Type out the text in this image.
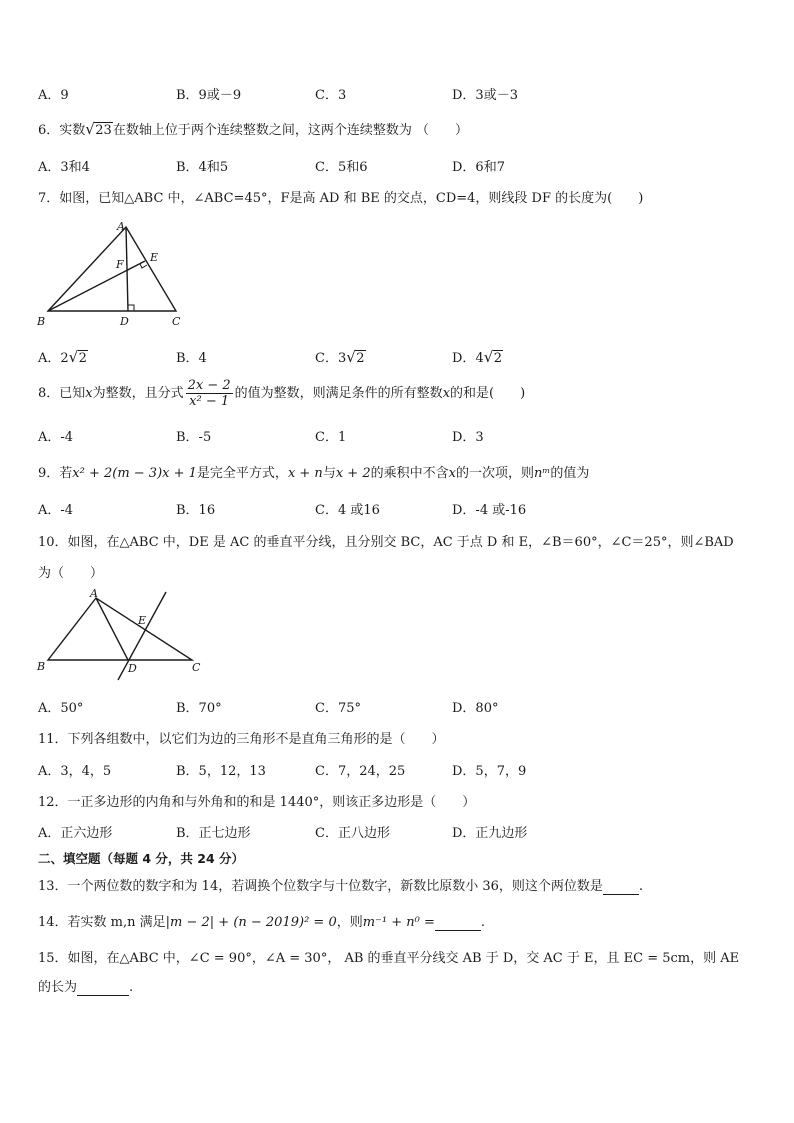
A．9	B．9或－9	C．3	D．3或－3
6．实数 √ 23在数轴上位于两个连续整数之间，这两个连续整数为 （　　）
A．3和4	B．4和5	C．5和6	D．6和7
7．如图，已知△ABC 中，∠ABC=45°，F是高 AD 和 BE 的交点，CD=4，则线段 DF 的长度为(　　)
A
F
E
B	D	C
A．2 √ 2	B．4	C．3 √ 2	D．4 √ 2
8．已知x为整数，且分式 $\frac{2x - 2}{\text{x² − 1}}$ 的值为整数，则满足条件的所有整数x的和是(　　)
A．-4	B．-5	C．1	D．3
9．若x² + 2(m − 3)x + 1是完全平方式，x + n与x + 2的乘积中不含x的一次项，则nᵐ的值为
A．-4	B．16	C．4 或16	D．-4 或-16
10．如图，在△ABC 中，DE 是 AC 的垂直平分线，且分别交 BC，AC 于点 D 和 E，∠B＝60°，∠C＝25°，则∠BAD
为（　　）
A
E
B	D	C
A．50°	B．70°	C．75°	D．80°
11．下列各组数中，以它们为边的三角形不是直角三角形的是（　　）
A．3，4，5	B．5，12，13	C．7，24，25	D．5，7，9
12．一正多边形的内角和与外角和的和是 1440°，则该正多边形是（　　）
A．正六边形	B．正七边形	C．正八边形	D．正九边形
二、填空题（每题 4 分，共 24 分）
13．一个两位数的数字和为 14，若调换个位数字与十位数字，新数比原数小 36，则这个两位数是	.
14．若实数 m,n 满足|m − 2| + (n − 2019)² = 0，则m⁻¹ + n⁰ =	.
15．如图，在△ABC 中，∠C = 90°，∠A = 30°， AB 的垂直平分线交 AB 于 D，交 AC 于 E，且 EC = 5cm，则 AE
的长为	.
